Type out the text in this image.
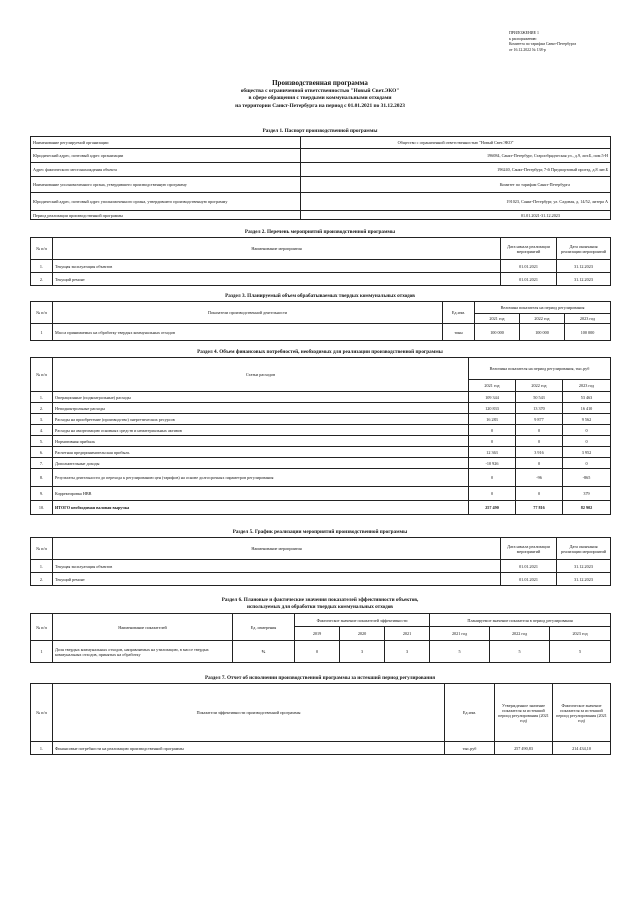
ПРИЛОЖЕНИЕ 1
к распоряжению
Комитета по тарифам Санкт-Петербурга
от 16.12.2022 № 138-р
Производственная программа
общества с ограниченной ответственностью "Новый Свет.ЭКО"
в сфере обращения с твердыми коммунальными отходами
на территории Санкт-Петербурга на период с 01.01.2021 по 31.12.2023
Раздел 1. Паспорт производственной программы
Наименование регулируемой организации	Общество с ограниченной ответственностью "Новый Свет.ЭКО"
Юридический адрес, почтовый адрес организации	196084, Санкт-Петербург, Старообрядческая ул., д.9, лит.Б, пом.5-Н
Адрес фактического местонахождения объекта	196240, Санкт-Петербург, 7-й Предпортовый проезд, д.8 лит.Б
Наименование уполномоченного органа, утвердившего производственную программу	Комитет по тарифам Санкт-Петербурга
Юридический адрес, почтовый адрес уполномоченного органа, утвердившего производственную программу	191023, Санкт-Петербург, ул. Садовая, д. 14/52, литера А
Период реализации производственной программы	01.01.2021-31.12.2023
Раздел 2. Перечень мероприятий производственной программы
№ п/п	Наименование мероприятия	Дата начала реализации мероприятий	Дата окончания реализации мероприятий
1.	Текущая эксплуатация объектов	01.01.2021	31.12.2023
2.	Текущий ремонт	01.01.2021	31.12.2023
Раздел 3. Планируемый объем обрабатываемых твердых коммунальных отходов
№ п/п	Показатели производственной деятельности	Ед.изм.	Величина показателя на период регулирования		
			2021 год	2022 год	2023 год
1	Масса принимаемых на обработку твердых коммунальных отходов	тонн	100 000	100 000	100 000
Раздел 4. Объем финансовых потребностей, необходимых для реализации производственной программы
№ п/п	Статьи расходов	Величина показателя на период регулирования, тыс.руб		
		2021 год	2022 год	2023 год
1.	Операционные (подконтрольные) расходы	109 344	50 543	53 463
2.	Неподконтрольные расходы	120 833	13 370	16 410
3.	Расходы на приобретение (производство) энергетических ресурсов	16 283	9 877	9 562
4.	Расходы на амортизацию основных средств и нематериальных активов	0	0	0
5.	Нормативная прибыль	0	0	0
6.	Расчетная предпринимательская прибыль	12 363	3 916	3 952
7.	Дополнительные доходы	-10 926	0	0
8.	Результаты деятельности до перехода к регулированию цен (тарифов) на основе долгосрочных параметров регулирования	0	-96	-865
9.	Корректировка НВВ	0	0	379
10.	ИТОГО необходимая валовая выручка	257 490	77 816	82 902
Раздел 5. График реализации мероприятий производственной программы
№ п/п	Наименование мероприятия	Дата начала реализации мероприятий	Дата окончания реализации мероприятий
1.	Текущая эксплуатация объектов	01.01.2021	31.12.2023
2.	Текущий ремонт	01.01.2021	31.12.2023
Раздел 6. Плановые и фактические значения показателей эффективности объектов,
используемых для обработки твердых коммунальных отходов
№ п/п	Наименование показателей	Ед. измерения	Фактическое значение показателей эффективности			Планируемое значение показателя в период регулирования		
			2019	2020	2021	2021 год	2022 год	2023 год
1	Доля твердых коммунальных отходов, направляемых на утилизацию, в массе твердых коммунальных отходов, принятых на обработку	%	0	3	3	5	5	5
Раздел 7. Отчет об исполнении производственной программы за истекший период регулирования
№ п/п	Показатели эффективности производственной программы	Ед.изм.	Утвержденное значение показателя за истекший период регулирования (2021 год)	Фактическое значение показателя за истекший период регулирования (2021 год)
1.	Финансовые потребности на реализацию производственной программы	тыс.руб	257 490,83	214 434,10
